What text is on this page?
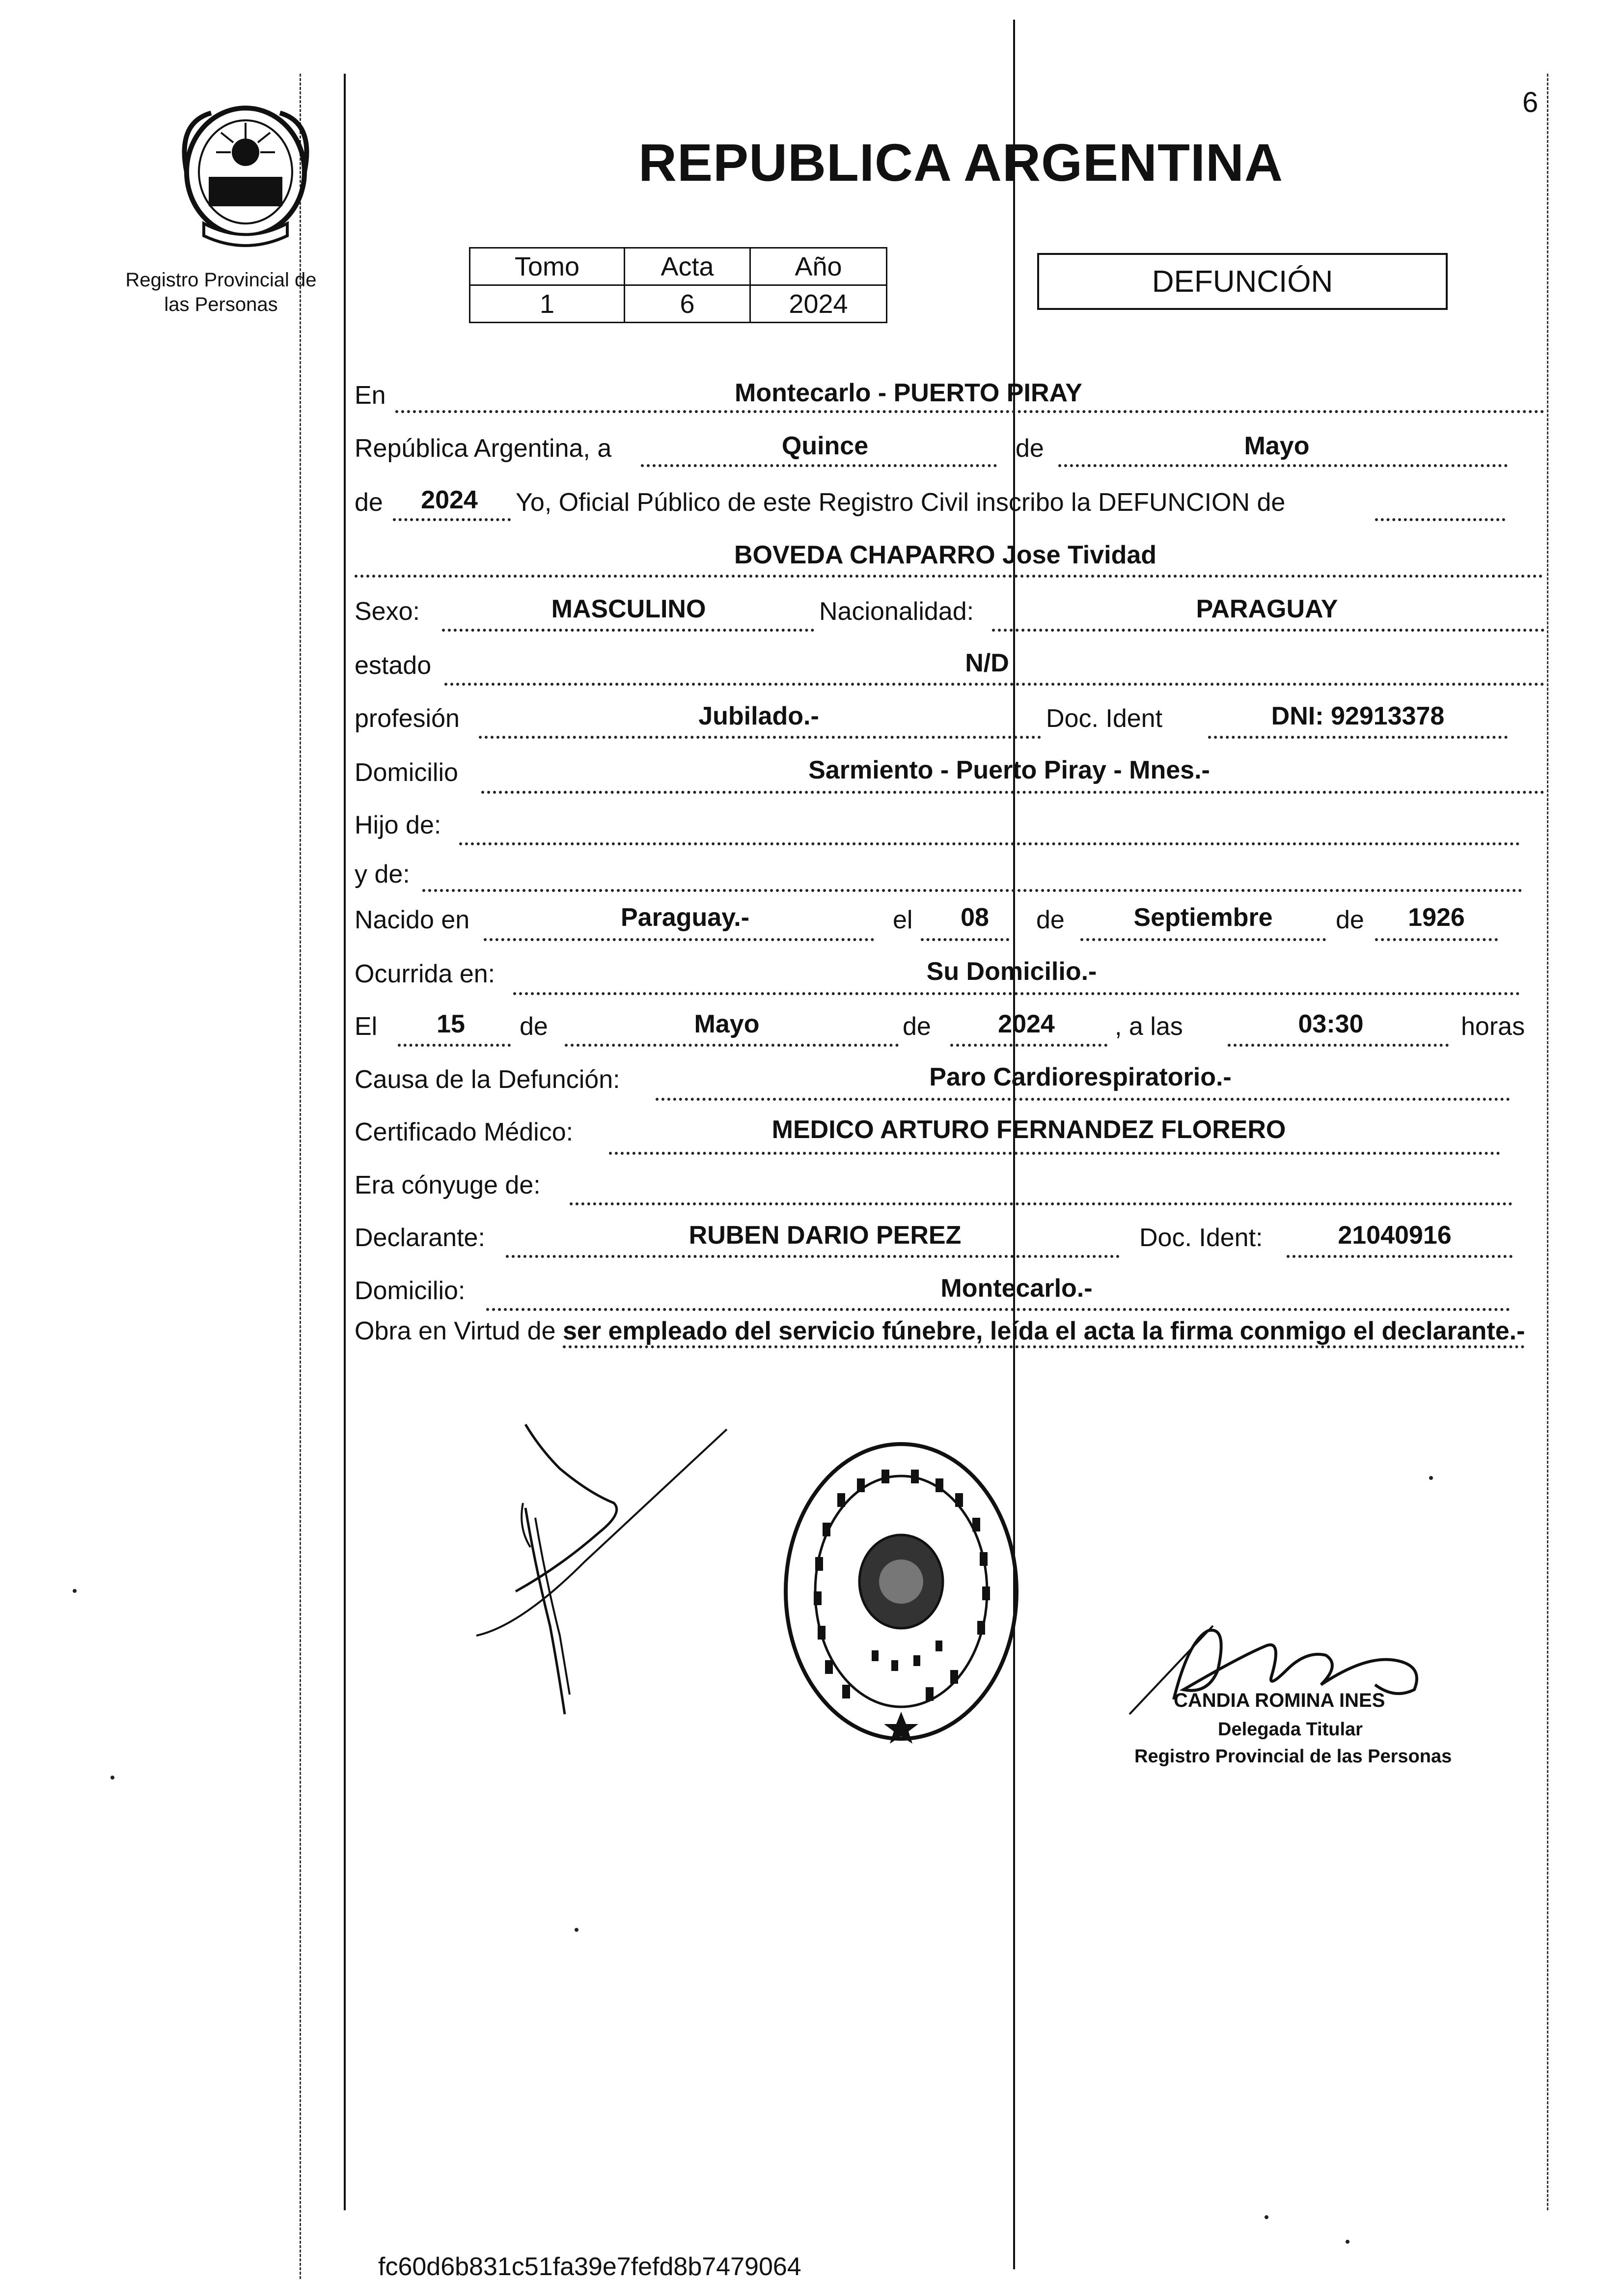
6
REPUBLICA ARGENTINA
Registro Provincial de las Personas
Tomo	Acta	Año
1	6	2024
DEFUNCIÓN
En	Montecarlo - PUERTO PIRAY
República Argentina, a	Quince	de	Mayo
de 2024 Yo, Oficial Público de este Registro Civil inscribo la DEFUNCION de
BOVEDA CHAPARRO Jose Tividad
Sexo:	MASCULINO	Nacionalidad:	PARAGUAY
estado	N/D
profesión	Jubilado.-	Doc. Ident	DNI: 92913378
Domicilio	Sarmiento - Puerto Piray - Mnes.-
Hijo de:
y de:
Nacido en	Paraguay.-	el 08 de	Septiembre de 1926
Ocurrida en:	Su Domicilio.-
El 15 de	Mayo	de	2024 , a las	03:30	horas
Causa de la Defunción:	Paro Cardiorespiratorio.-
Certificado Médico:	MEDICO ARTURO FERNANDEZ FLORERO
Era cónyuge de:
Declarante:	RUBEN DARIO PEREZ	Doc. Ident:	21040916
Domicilio:	Montecarlo.-
Obra en Virtud de ser empleado del servicio fúnebre, leída el acta la firma conmigo el declarante.-
CANDIA ROMINA INES
Delegada Titular
Registro Provincial de las Personas
fc60d6b831c51fa39e7fefd8b7479064
